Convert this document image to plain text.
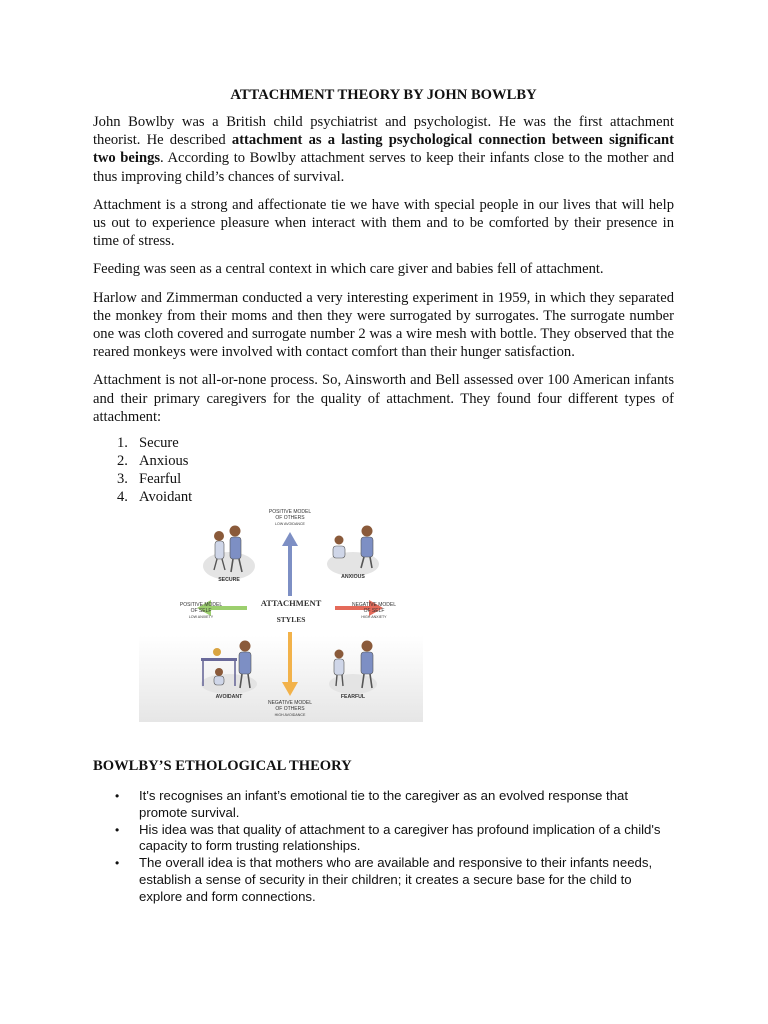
ATTACHMENT THEORY BY JOHN BOWLBY

John Bowlby was a British child psychiatrist and psychologist. He was the first attachment theorist. He described attachment as a lasting psychological connection between significant two beings. According to Bowlby attachment serves to keep their infants close to the mother and thus improving child’s chances of survival.

Attachment is a strong and affectionate tie we have with special people in our lives that will help us out to experience pleasure when interact with them and to be comforted by their presence in time of stress.

Feeding was seen as a central context in which care giver and babies fell of attachment.

Harlow and Zimmerman conducted a very interesting experiment in 1959, in which they separated the monkey from their moms and then they were surrogated by surrogates. The surrogate number one was cloth covered and surrogate number 2 was a wire mesh with bottle. They observed that the reared monkeys were involved with contact comfort than their hunger satisfaction.

Attachment is not all-or-none process. So, Ainsworth and Bell assessed over 100 American infants and their primary caregivers for the quality of attachment. They found four different types of attachment:

1. Secure
2. Anxious
3. Fearful
4. Avoidant
POSITIVE MODEL
OF OTHERS
LOW AVOIDANCE
NEGATIVE MODEL
OF OTHERS
HIGH AVOIDANCE
POSITIVE MODEL
OF SELF
LOW ANXIETY
NEGATIVE MODEL
OF SELF
HIGH ANXIETY
ATTACHMENT
STYLES
SECURE	ANXIOUS
AVOIDANT	FEARFUL
BOWLBY’S ETHOLOGICAL THEORY
• It's recognises an infant’s emotional tie to the caregiver as an evolved response that promote survival.
• His idea was that quality of attachment to a caregiver has profound implication of a child's capacity to form trusting relationships.
• The overall idea is that mothers who are available and responsive to their infants needs, establish a sense of security in their children; it creates a secure base for the child to explore and form connections.
